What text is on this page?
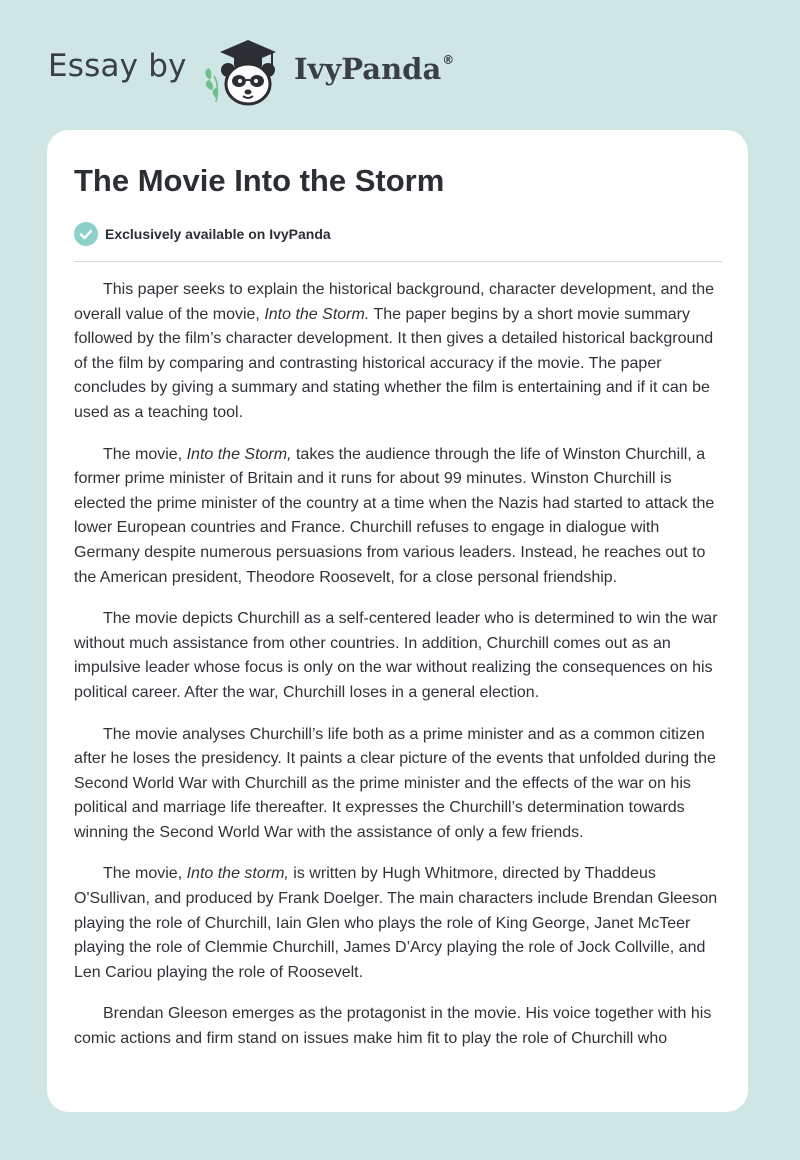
Essay by	IvyPanda®
The Movie Into the Storm
Exclusively available on IvyPanda

This paper seeks to explain the historical background, character development, and the overall value of the movie, Into the Storm. The paper begins by a short movie summary followed by the film’s character development. It then gives a detailed historical background of the film by comparing and contrasting historical accuracy if the movie. The paper concludes by giving a summary and stating whether the film is entertaining and if it can be used as a teaching tool.

The movie, Into the Storm, takes the audience through the life of Winston Churchill, a former prime minister of Britain and it runs for about 99 minutes. Winston Churchill is elected the prime minister of the country at a time when the Nazis had started to attack the lower European countries and France. Churchill refuses to engage in dialogue with Germany despite numerous persuasions from various leaders. Instead, he reaches out to the American president, Theodore Roosevelt, for a close personal friendship.

The movie depicts Churchill as a self-centered leader who is determined to win the war without much assistance from other countries. In addition, Churchill comes out as an impulsive leader whose focus is only on the war without realizing the consequences on his political career. After the war, Churchill loses in a general election.

The movie analyses Churchill’s life both as a prime minister and as a common citizen after he loses the presidency. It paints a clear picture of the events that unfolded during the Second World War with Churchill as the prime minister and the effects of the war on his political and marriage life thereafter. It expresses the Churchill’s determination towards winning the Second World War with the assistance of only a few friends.

The movie, Into the storm, is written by Hugh Whitmore, directed by Thaddeus O'Sullivan, and produced by Frank Doelger. The main characters include Brendan Gleeson playing the role of Churchill, Iain Glen who plays the role of King George, Janet McTeer playing the role of Clemmie Churchill, James D’Arcy playing the role of Jock Collville, and Len Cariou playing the role of Roosevelt.

Brendan Gleeson emerges as the protagonist in the movie. His voice together with his comic actions and firm stand on issues make him fit to play the role of Churchill who
